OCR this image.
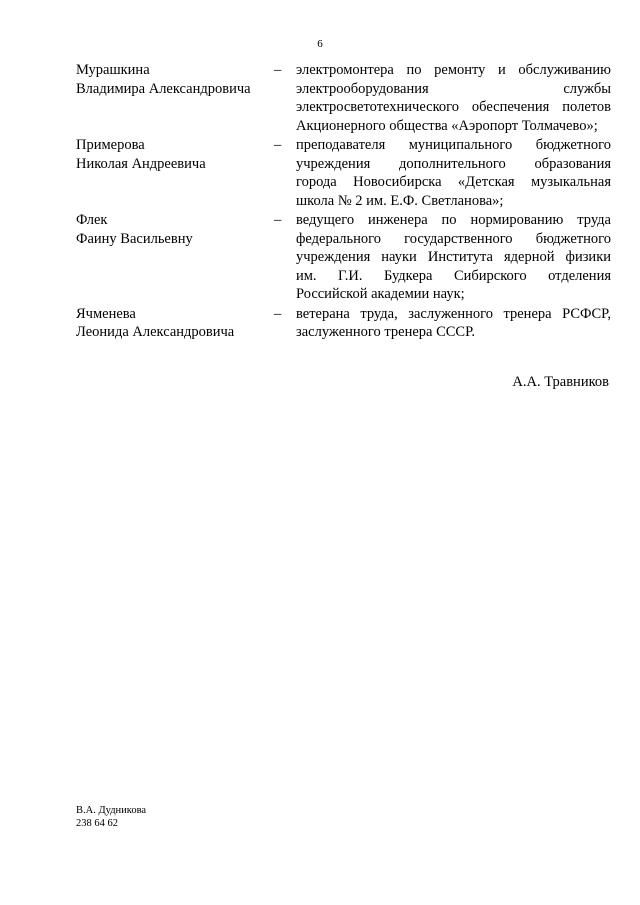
6
Мурашкина
Владимира Александровича
–	электромонтера по ремонту и обслуживанию
электрооборудования службы
электросветотехнического обеспечения полетов
Акционерного общества «Аэропорт Толмачево»;
Примерова
Николая Андреевича
–	преподавателя муниципального бюджетного
учреждения дополнительного образования
города Новосибирска «Детская музыкальная
школа № 2 им. Е.Ф. Светланова»;
Флек
Фаину Васильевну
–	ведущего инженера по нормированию труда
федерального государственного бюджетного
учреждения науки Института ядерной физики
им. Г.И. Будкера Сибирского отделения
Российской академии наук;
Ячменева
Леонида Александровича
–	ветерана труда, заслуженного тренера РСФСР,
заслуженного тренера СССР.
А.А. Травников
В.А. Дудникова
238 64 62
